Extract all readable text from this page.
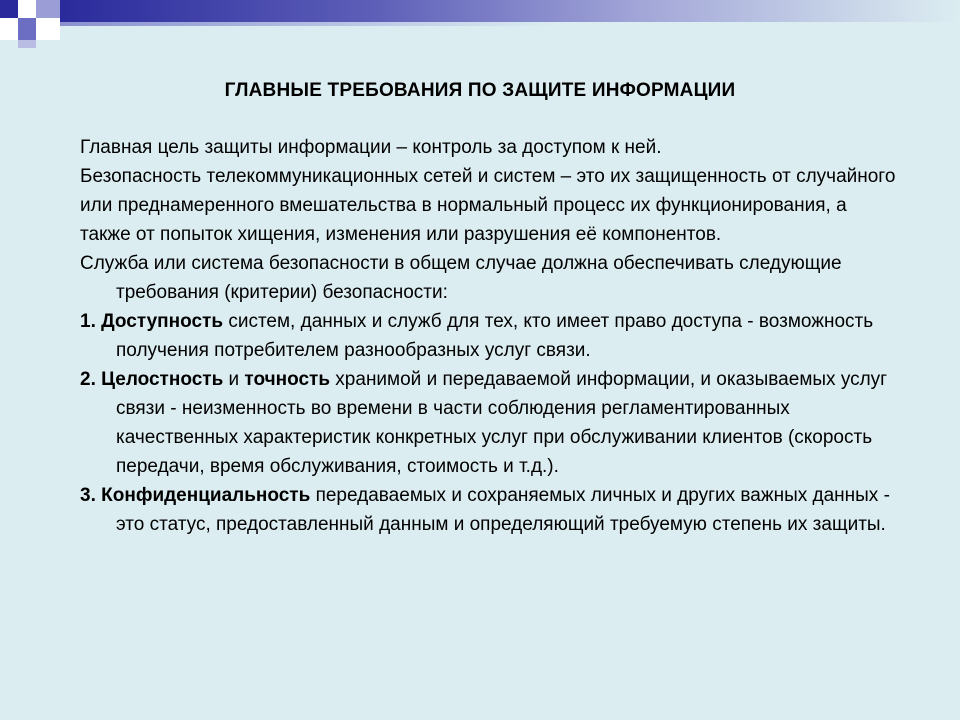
ГЛАВНЫЕ ТРЕБОВАНИЯ ПО ЗАЩИТЕ ИНФОРМАЦИИ

Главная цель защиты информации – контроль за доступом к ней.

Безопасность телекоммуникационных сетей и систем – это их защищенность от случайного или преднамеренного вмешательства в нормальный процесс их функционирования, а также от попыток хищения, изменения или разрушения её компонентов.

Служба или система безопасности в общем случае должна обеспечивать следующие требования (критерии) безопасности:

1. Доступность систем, данных и служб для тех, кто имеет право доступа - возможность получения потребителем разнообразных услуг связи.

2. Целостность и точность хранимой и передаваемой информации, и оказываемых услуг связи - неизменность во времени в части соблюдения регламентированных качественных характеристик конкретных услуг при обслуживании клиентов (скорость передачи, время обслуживания, стоимость и т.д.).

3. Конфиденциальность передаваемых и сохраняемых личных и других важных данных - это статус, предоставленный данным и определяющий требуемую степень их защиты.
